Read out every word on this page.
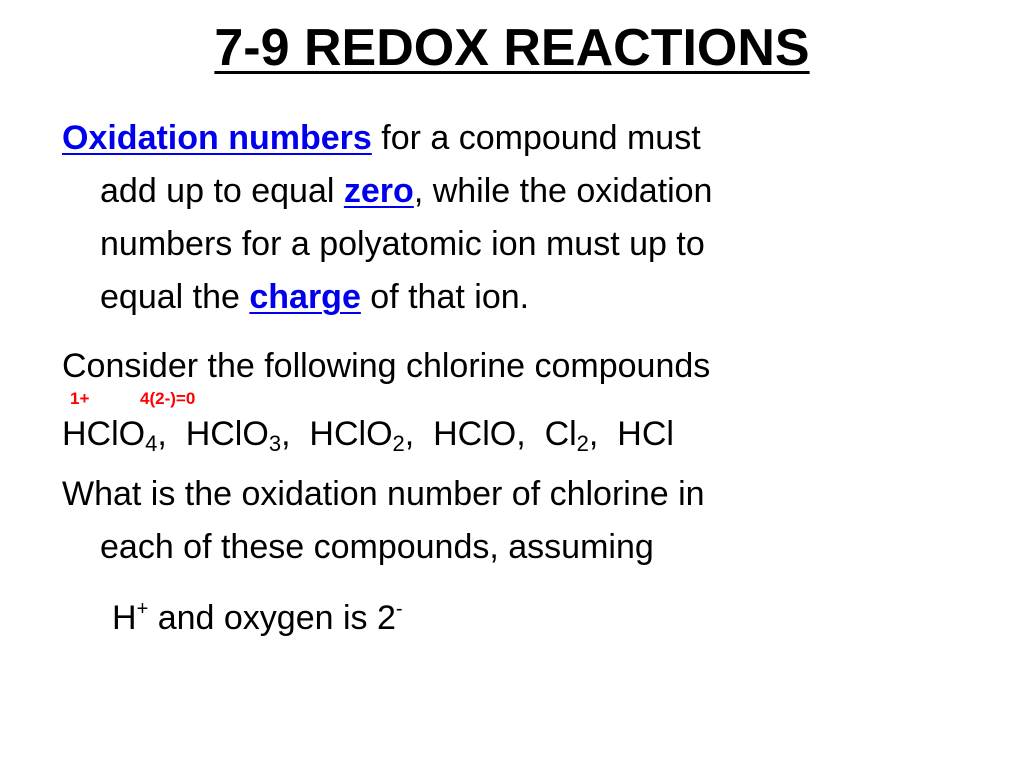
7-9 REDOX REACTIONS
Oxidation numbers for a compound must
add up to equal zero, while the oxidation
numbers for a polyatomic ion must up to
equal the charge of that ion.
Consider the following chlorine compounds
1+	4(2-)=0
HClO$_4$,  HClO$_3$,  HClO$_2$,  HClO,  $Cl_2$,  HCl
What is the oxidation number of chlorine in
each of these compounds, assuming
H+ and oxygen is 2-
